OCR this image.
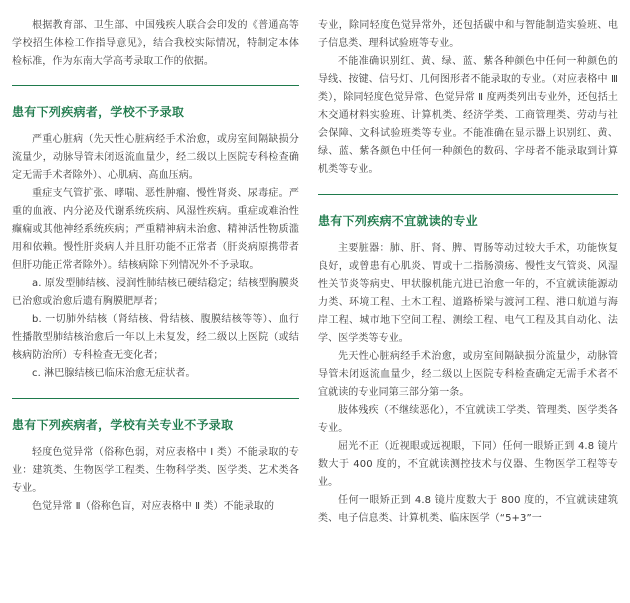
根据教育部、卫生部、中国残疾人联合会印发的《普通高等学校招生体检工作指导意见》，结合我校实际情况，特制定本体检标准，作为东南大学高考录取工作的依据。

患有下列疾病者，学校不予录取

严重心脏病（先天性心脏病经手术治愈，或房室间隔缺损分流量少，动脉导管未闭返流血量少，经二级以上医院专科检查确定无需手术者除外）、心肌病、高血压病。

重症支气管扩张、哮喘、恶性肿瘤、慢性肾炎、尿毒症。严重的血液、内分泌及代谢系统疾病、风湿性疾病。重症或难治性癫痫或其他神经系统疾病；严重精神病未治愈、精神活性物质滥用和依赖。慢性肝炎病人并且肝功能不正常者（肝炎病原携带者但肝功能正常者除外）。结核病除下列情况外不予录取。

a. 原发型肺结核、浸润性肺结核已硬结稳定；结核型胸膜炎已治愈或治愈后遗有胸膜肥厚者；

b. 一切肺外结核（肾结核、骨结核、腹膜结核等等）、血行性播散型肺结核治愈后一年以上未复发，经二级以上医院（或结核病防治所）专科检查无变化者；

c. 淋巴腺结核已临床治愈无症状者。

患有下列疾病者，学校有关专业不予录取

轻度色觉异常（俗称色弱，对应表格中 Ⅰ 类）不能录取的专业：建筑类、生物医学工程类、生物科学类、医学类、艺术类各专业。

色觉异常 Ⅱ（俗称色盲，对应表格中 Ⅱ 类）不能录取的

专业，除同轻度色觉异常外，还包括碳中和与智能制造实验班、电子信息类、理科试验班等专业。

不能准确识别红、黄、绿、蓝、紫各种颜色中任何一种颜色的导线、按键、信号灯、几何图形者不能录取的专业。（对应表格中 Ⅲ 类），除同轻度色觉异常、色觉异常 Ⅱ 度两类列出专业外，还包括土木交通材料实验班、计算机类、经济学类、工商管理类、劳动与社会保障、文科试验班类等专业。不能准确在显示器上识别红、黄、绿、蓝、紫各颜色中任何一种颜色的数码、字母者不能录取到计算机类等专业。

患有下列疾病不宜就读的专业

主要脏器：肺、肝、肾、脾、胃肠等动过较大手术，功能恢复良好，或曾患有心肌炎、胃或十二指肠溃疡、慢性支气管炎、风湿性关节炎等病史、甲状腺机能亢进已治愈一年的，不宜就读能源动力类、环境工程、土木工程、道路桥梁与渡河工程、港口航道与海岸工程、城市地下空间工程、测绘工程、电气工程及其自动化、法学、医学类等专业。

先天性心脏病经手术治愈，或房室间隔缺损分流量少，动脉管导管未闭返流血量少，经二级以上医院专科检查确定无需手术者不宜就读的专业同第三部分第一条。

肢体残疾（不继续恶化），不宜就读工学类、管理类、医学类各专业。

屈光不正（近视眼或远视眼，下同）任何一眼矫正到 4.8 镜片数大于 400 度的，不宜就读测控技术与仪器、生物医学工程等专业。

任何一眼矫正到 4.8 镜片度数大于 800 度的，不宜就读建筑类、电子信息类、计算机类、临床医学（“5+3”一
